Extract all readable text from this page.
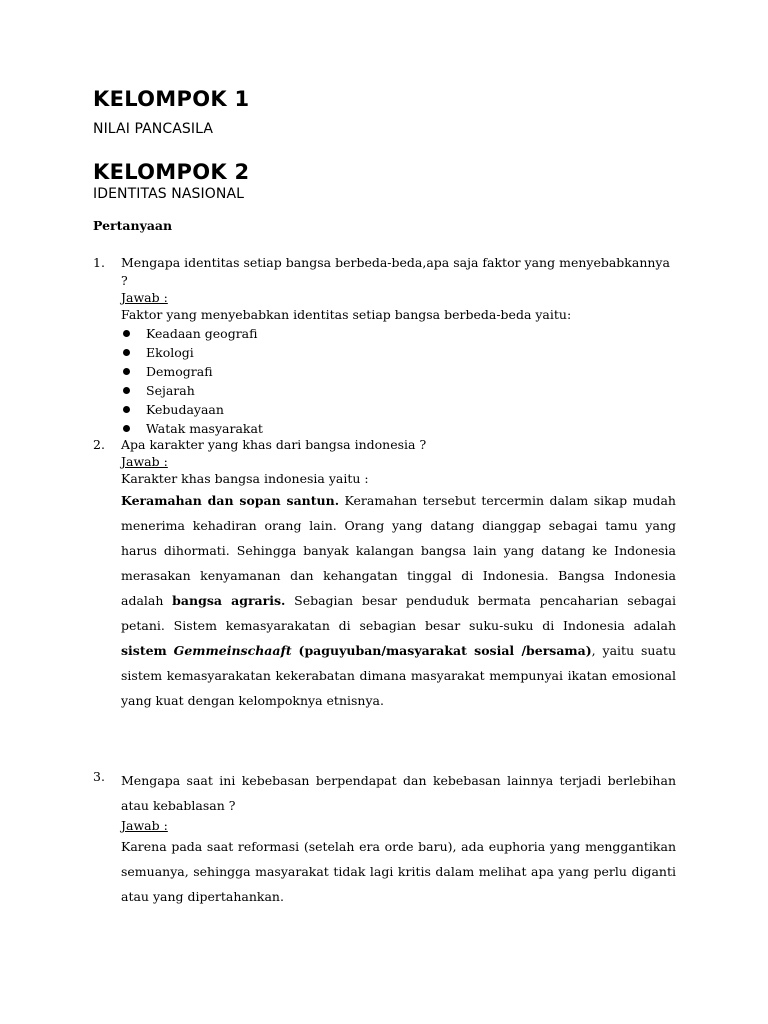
KELOMPOK 1

NILAI PANCASILA

KELOMPOK 2

IDENTITAS NASIONAL

Pertanyaan

1. Mengapa identitas setiap bangsa berbeda-beda,apa saja faktor yang menyebabkannya ?
Jawab :
Faktor yang menyebabkan identitas setiap bangsa berbeda-beda yaitu:
Keadaan geografi
Ekologi
Demografi
Sejarah
Kebudayaan
Watak masyarakat
2. Apa karakter yang khas dari bangsa indonesia ?
Jawab :
Karakter khas bangsa indonesia yaitu :
Keramahan dan sopan santun. Keramahan tersebut tercermin dalam sikap mudah menerima kehadiran orang lain. Orang yang datang dianggap sebagai tamu yang harus dihormati. Sehingga banyak kalangan bangsa lain yang datang ke Indonesia merasakan kenyamanan dan kehangatan tinggal di Indonesia. Bangsa Indonesia adalah bangsa agraris. Sebagian besar penduduk bermata pencaharian sebagai petani. Sistem kemasyarakatan di sebagian besar suku-suku di Indonesia adalah sistem Gemmeinschaaft (paguyuban/masyarakat sosial /bersama), yaitu suatu sistem kemasyarakatan kekerabatan dimana masyarakat mempunyai ikatan emosional yang kuat dengan kelompoknya etnisnya.
3. Mengapa saat ini kebebasan berpendapat dan kebebasan lainnya terjadi berlebihan atau kebablasan ?
Jawab :
Karena pada saat reformasi (setelah era orde baru), ada euphoria yang menggantikan semuanya, sehingga masyarakat tidak lagi kritis dalam melihat apa yang perlu diganti atau yang dipertahankan.
